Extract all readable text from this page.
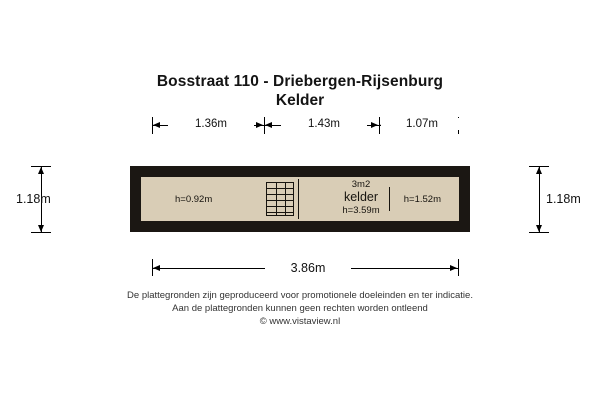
Bosstraat 110 - Driebergen-Rijsenburg
Kelder
1.36m	1.43m	1.07m
1.18m	1.18m
h=0.92m
3m2
kelder
h=3.59m
h=1.52m
3.86m
De plattegronden zijn geproduceerd voor promotionele doeleinden en ter indicatie.
Aan de plattegronden kunnen geen rechten worden ontleend
© www.vistaview.nl
